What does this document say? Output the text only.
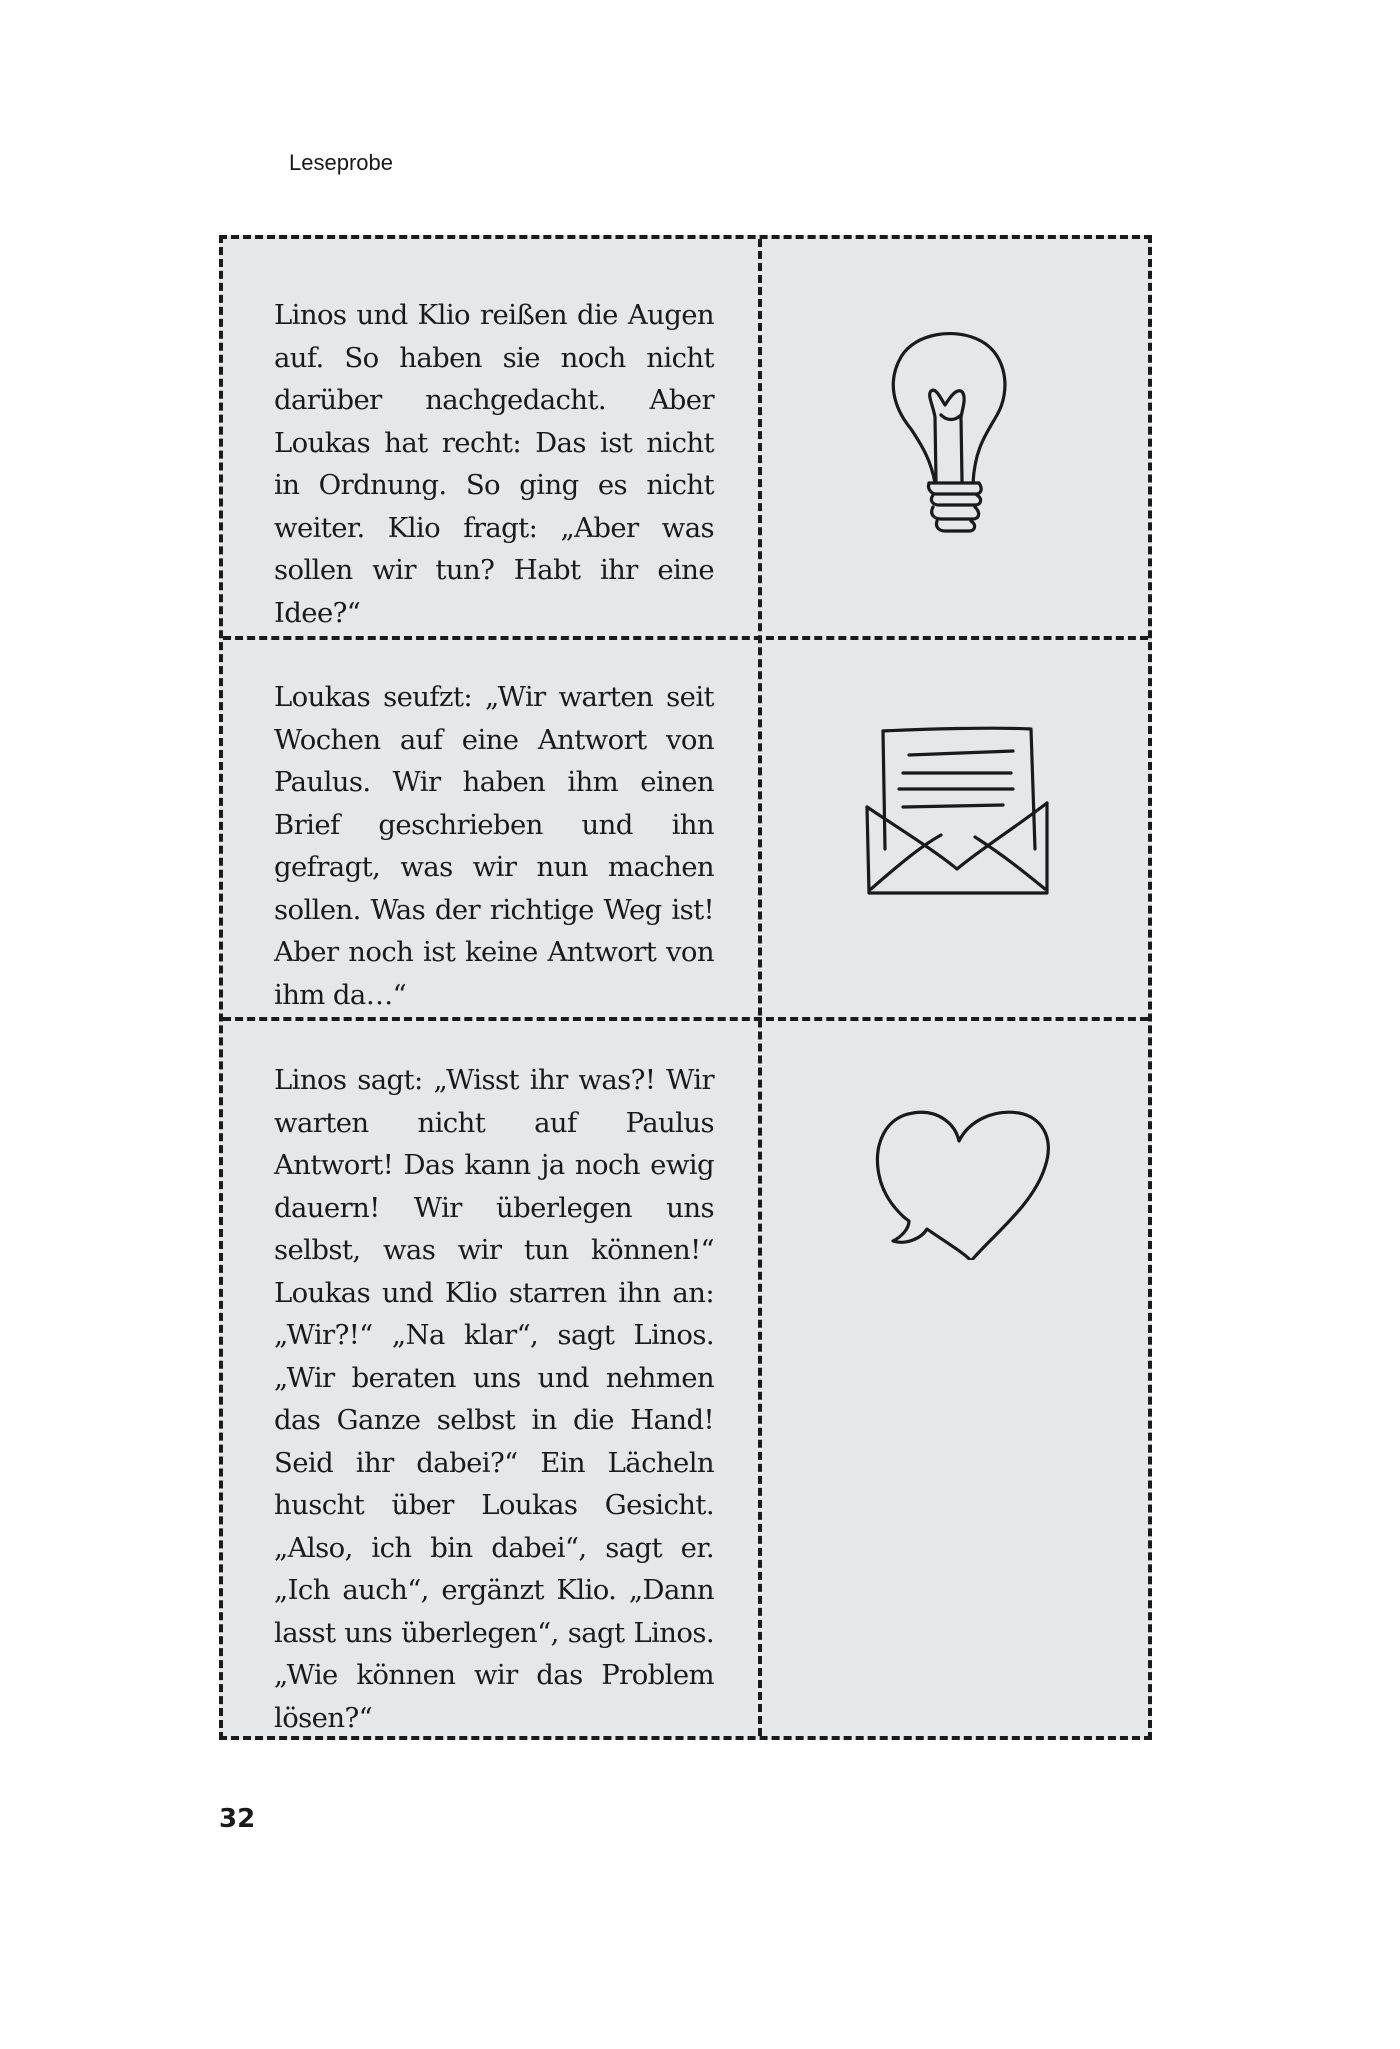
Leseprobe
Linos und Klio reißen die Augen auf. So haben sie noch nicht darüber nachgedacht. Aber Loukas hat recht: Das ist nicht in Ordnung. So ging es nicht weiter. Klio fragt: „Aber was sollen wir tun? Habt ihr eine Idee?“
Loukas seufzt: „Wir warten seit Wochen auf eine Antwort von Paulus. Wir haben ihm einen Brief geschrieben und ihn gefragt, was wir nun machen sollen. Was der richtige Weg ist! Aber noch ist keine Antwort von ihm da…“
Linos sagt: „Wisst ihr was?! Wir warten nicht auf Paulus Antwort! Das kann ja noch ewig dauern! Wir überlegen uns selbst, was wir tun können!“ Loukas und Klio starren ihn an: „Wir?!“ „Na klar“, sagt Linos. „Wir beraten uns und nehmen das Ganze selbst in die Hand! Seid ihr dabei?“ Ein Lächeln huscht über Loukas Gesicht. „Also, ich bin dabei“, sagt er. „Ich auch“, ergänzt Klio. „Dann lasst uns überlegen“, sagt Linos. „Wie können wir das Problem lösen?“
32
